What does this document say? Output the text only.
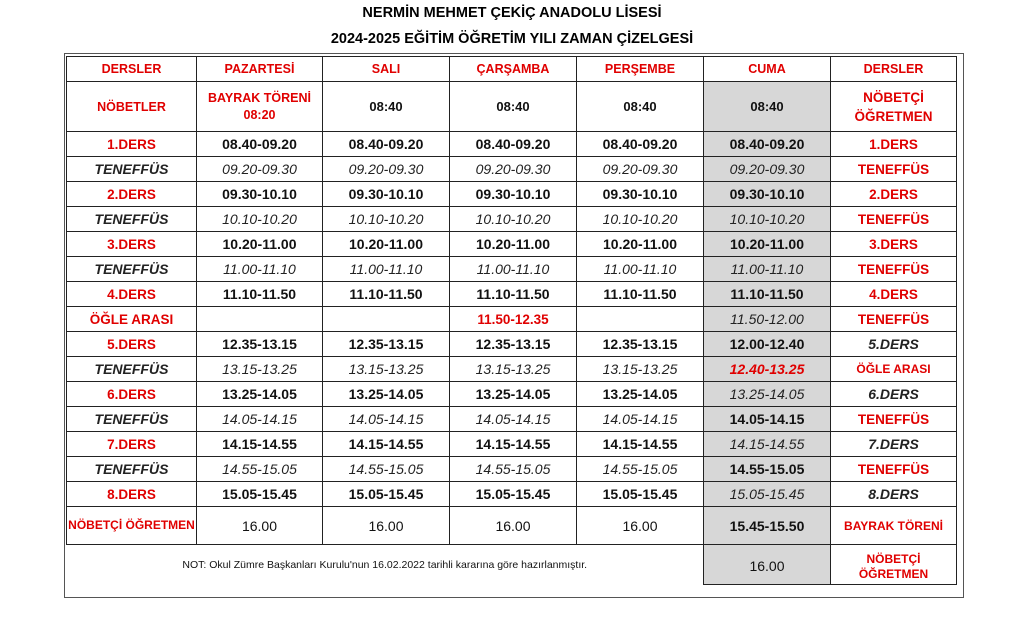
NERMİN MEHMET ÇEKİÇ ANADOLU LİSESİ
2024-2025 EĞİTİM ÖĞRETİM YILI ZAMAN ÇİZELGESİ
DERSLER	PAZARTESİ	SALI	ÇARŞAMBA	PERŞEMBE	CUMA	DERSLER
NÖBETLER	BAYRAK TÖRENİ 08:20	08:40	08:40	08:40	08:40	NÖBETÇİ ÖĞRETMEN
1.DERS	08.40-09.20	08.40-09.20	08.40-09.20	08.40-09.20	08.40-09.20	1.DERS
TENEFFÜS	09.20-09.30	09.20-09.30	09.20-09.30	09.20-09.30	09.20-09.30	TENEFFÜS
2.DERS	09.30-10.10	09.30-10.10	09.30-10.10	09.30-10.10	09.30-10.10	2.DERS
TENEFFÜS	10.10-10.20	10.10-10.20	10.10-10.20	10.10-10.20	10.10-10.20	TENEFFÜS
3.DERS	10.20-11.00	10.20-11.00	10.20-11.00	10.20-11.00	10.20-11.00	3.DERS
TENEFFÜS	11.00-11.10	11.00-11.10	11.00-11.10	11.00-11.10	11.00-11.10	TENEFFÜS
4.DERS	11.10-11.50	11.10-11.50	11.10-11.50	11.10-11.50	11.10-11.50	4.DERS
ÖĞLE ARASI			11.50-12.35		11.50-12.00	TENEFFÜS
5.DERS	12.35-13.15	12.35-13.15	12.35-13.15	12.35-13.15	12.00-12.40	5.DERS
TENEFFÜS	13.15-13.25	13.15-13.25	13.15-13.25	13.15-13.25	12.40-13.25	ÖĞLE ARASI
6.DERS	13.25-14.05	13.25-14.05	13.25-14.05	13.25-14.05	13.25-14.05	6.DERS
TENEFFÜS	14.05-14.15	14.05-14.15	14.05-14.15	14.05-14.15	14.05-14.15	TENEFFÜS
7.DERS	14.15-14.55	14.15-14.55	14.15-14.55	14.15-14.55	14.15-14.55	7.DERS
TENEFFÜS	14.55-15.05	14.55-15.05	14.55-15.05	14.55-15.05	14.55-15.05	TENEFFÜS
8.DERS	15.05-15.45	15.05-15.45	15.05-15.45	15.05-15.45	15.05-15.45	8.DERS
NÖBETÇİ ÖĞRETMEN	16.00	16.00	16.00	16.00	15.45-15.50	BAYRAK TÖRENİ
NOT: Okul Zümre Başkanları Kurulu'nun 16.02.2022 tarihli kararına göre hazırlanmıştır.					16.00	NÖBETÇİ ÖĞRETMEN
